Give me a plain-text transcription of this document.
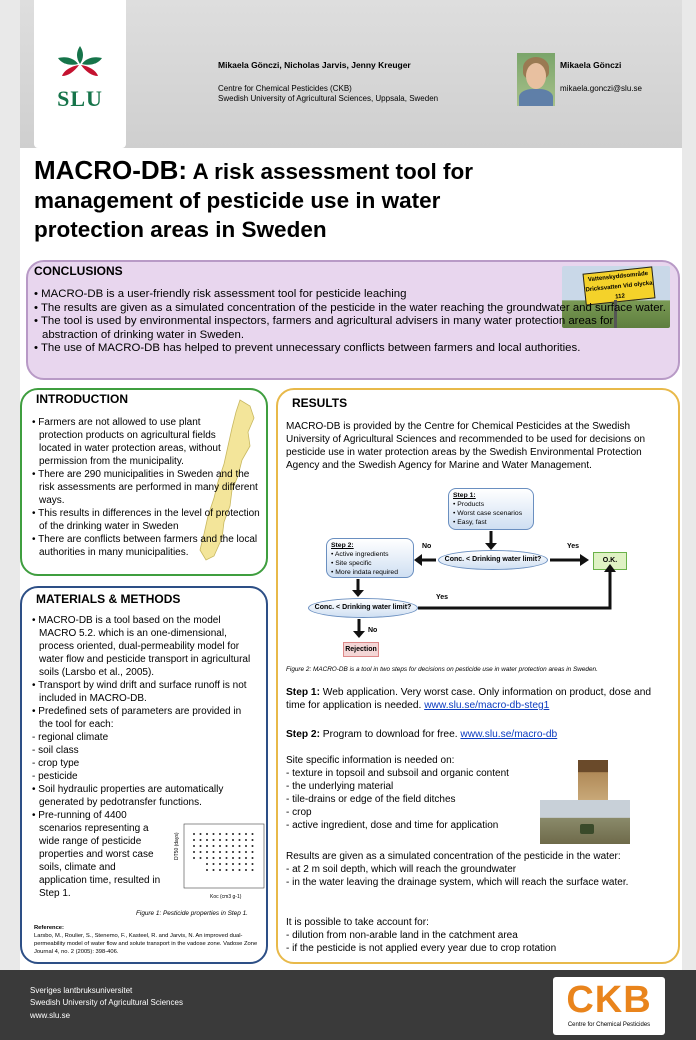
SLU
Mikaela Gönczi, Nicholas Jarvis, Jenny Kreuger
Centre for Chemical Pesticides (CKB)
Swedish University of Agricultural Sciences, Uppsala, Sweden
Mikaela Gönczi
mikaela.gonczi@slu.se
MACRO-DB: A risk assessment tool for
management of pesticide use in water
protection areas in Sweden
CONCLUSIONS	Vattenskyddsområde Dricksvatten Vid olycka 112
• MACRO-DB is a user-friendly risk assessment tool for pesticide leaching
• The results are given as a simulated concentration of the pesticide in the water reaching the groundwater and surface water.
• The tool is used by environmental inspectors, farmers and agricultural advisers in many water protection areas for abstraction of drinking water in Sweden.
• The use of MACRO-DB has helped to prevent unnecessary conflicts between farmers and local authorities.
INTRODUCTION
• Farmers are not allowed to use plant protection products on agricultural fields located in water protection areas, without permission from the municipality.
• There are 290 municipalities in Sweden and the risk assessments are performed in many different ways.
• This results in differences in the level of protection of the drinking water in Sweden
• There are conflicts between farmers and the local authorities in many municipalities.
MATERIALS & METHODS
• MACRO-DB is a tool based on the model MACRO 5.2. which is an one-dimensional, process oriented, dual-permeability model for water flow and pesticide transport in agricultural soils (Larsbo et al., 2005).
• Transport by wind drift and surface runoff is not included in MACRO-DB.
• Predefined sets of parameters are provided in the tool for each:
- regional climate
- soil class
- crop type
- pesticide
• Soil hydraulic properties are automatically generated by pedotransfer functions.
• Pre-running of 4400 scenarios representing a wide range of pesticide properties and worst case soils, climate and application time, resulted in Step 1.
DT50 (days)
Koc (cm3 g-1)
Figure 1: Pesticide properties in Step 1.
Reference:
Larsbo, M., Roulier, S., Stenemo, F., Kasteel, R. and Jarvis, N. An improved dual-permeability model of water flow and solute transport in the vadose zone. Vadose Zone Journal 4, no. 2 (2005): 398-406.
RESULTS
MACRO-DB is provided by the Centre for Chemical Pesticides at the Swedish University of Agricultural Sciences and recommended to be used for decisions on pesticide use in water protection areas by the Swedish Environmental Protection Agency and the Swedish Agency for Marine and Water Management.
Step 1:
• Products
• Worst case scenarios
• Easy, fast
Step 2:
• Active ingredients
• Site specific
• More indata required
Conc. < Drinking water limit?
Conc. < Drinking water limit?
O.K.
Rejection
Yes
No
Yes
No
Figure 2: MACRO-DB is a tool in two steps for decisions on pesticide use in water protection areas in Sweden.
Step 1: Web application. Very worst case. Only information on product, dose and time for application is needed. www.slu.se/macro-db-steg1
Step 2: Program to download for free. www.slu.se/macro-db
Site specific information is needed on:
- texture in topsoil and subsoil and organic content
- the underlying material
- tile-drains or edge of the field ditches
- crop
- active ingredient, dose and time for application
Results are given as a simulated concentration of the pesticide in the water:
- at 2 m soil depth, which will reach the groundwater
- in the water leaving the drainage system, which will reach the surface water.
It is possible to take account for:
- dilution from non-arable land in the catchment area
- if the pesticide is not applied every year due to crop rotation
Sveriges lantbruksuniversitet
Swedish University of Agricultural Sciences
www.slu.se	CKB
Centre for Chemical Pesticides
